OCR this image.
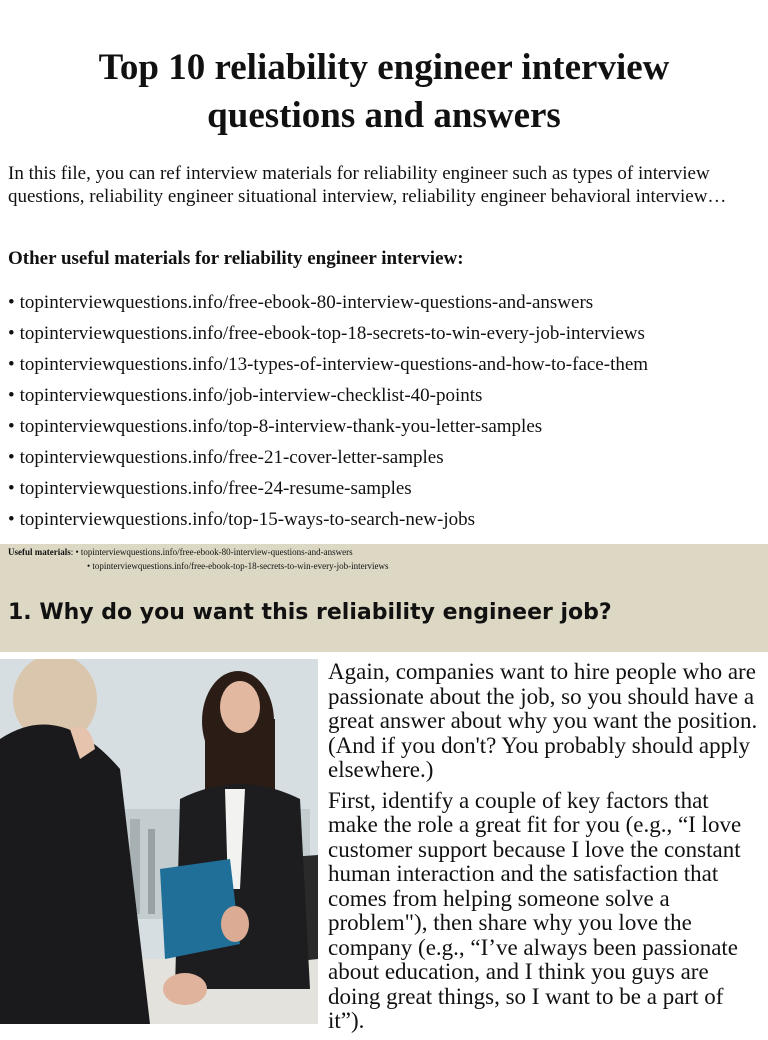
Top 10 reliability engineer interview
questions and answers

In this file, you can ref interview materials for reliability engineer such as types of interview questions, reliability engineer situational interview, reliability engineer behavioral interview…

Other useful materials for reliability engineer interview:

• topinterviewquestions.info/free-ebook-80-interview-questions-and-answers
• topinterviewquestions.info/free-ebook-top-18-secrets-to-win-every-job-interviews
• topinterviewquestions.info/13-types-of-interview-questions-and-how-to-face-them
• topinterviewquestions.info/job-interview-checklist-40-points
• topinterviewquestions.info/top-8-interview-thank-you-letter-samples
• topinterviewquestions.info/free-21-cover-letter-samples
• topinterviewquestions.info/free-24-resume-samples
• topinterviewquestions.info/top-15-ways-to-search-new-jobs
Useful materials: • topinterviewquestions.info/free-ebook-80-interview-questions-and-answers
• topinterviewquestions.info/free-ebook-top-18-secrets-to-win-every-job-interviews
1. Why do you want this reliability engineer job?

Again, companies want to hire people who are passionate about the job, so you should have a great answer about why you want the position. (And if you don't? You probably should apply elsewhere.)

First, identify a couple of key factors that make the role a great fit for you (e.g., “I love customer support because I love the constant human interaction and the satisfaction that comes from helping someone solve a problem"), then share why you love the company (e.g., “I’ve always been passionate about education, and I think you guys are doing great things, so I want to be a part of it”).
